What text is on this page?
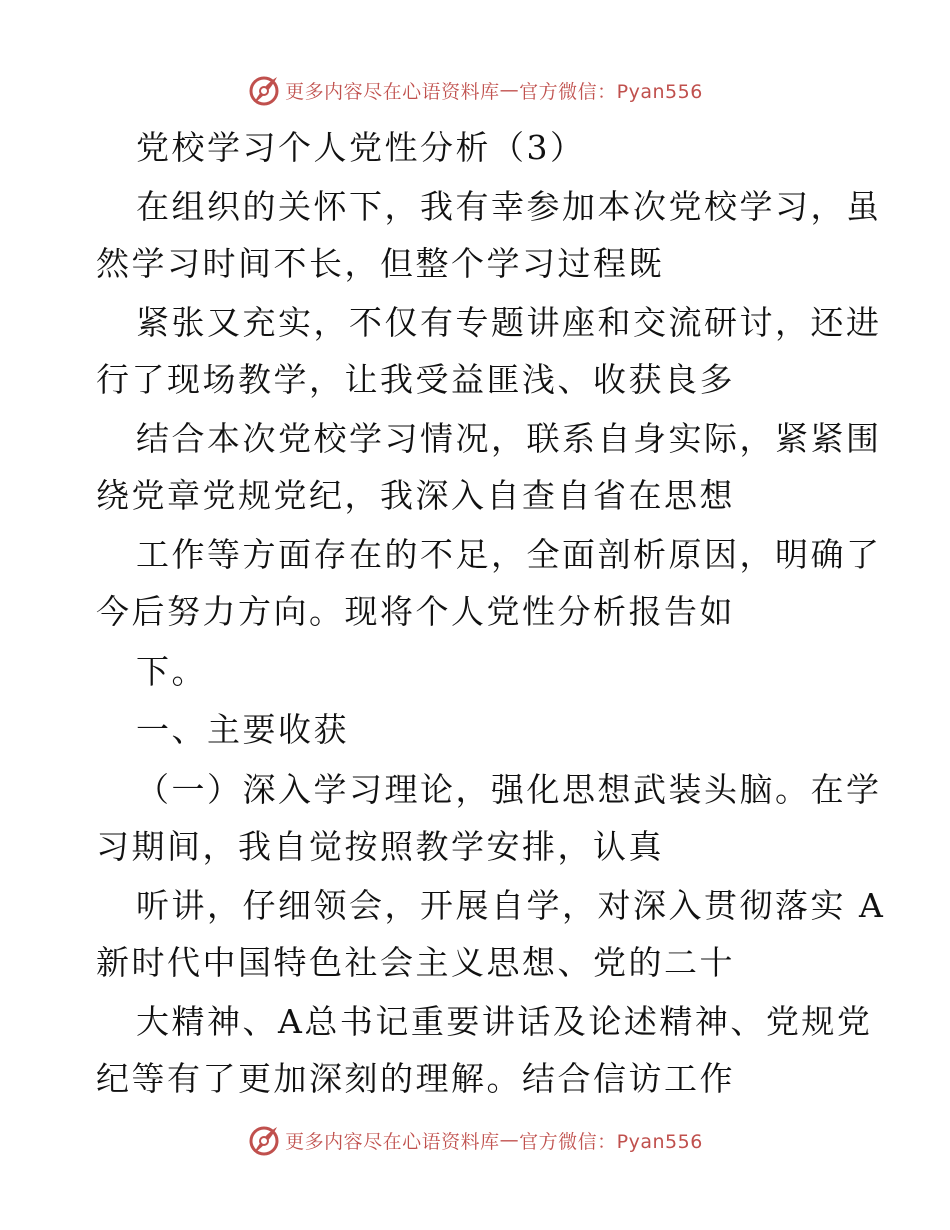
更多内容尽在心语资料库 — 官方微信：Pyan556
党校学习个人党性分析（3）
在组织的关怀下，我有幸参加本次党校学习，虽
然学习时间不长，但整个学习过程既
紧张又充实，不仅有专题讲座和交流研讨，还进
行了现场教学，让我受益匪浅、收获良多
结合本次党校学习情况，联系自身实际，紧紧围
绕党章党规党纪，我深入自查自省在思想
工作等方面存在的不足，全面剖析原因，明确了
今后努力方向。现将个人党性分析报告如
下。
一、主要收获
（一）深入学习理论，强化思想武装头脑。在学
习期间，我自觉按照教学安排，认真
听讲，仔细领会，开展自学，对深入贯彻落实 A
新时代中国特色社会主义思想、党的二十
大精神、A总书记重要讲话及论述精神、党规党
纪等有了更加深刻的理解。结合信访工作
更多内容尽在心语资料库 — 官方微信：Pyan556
